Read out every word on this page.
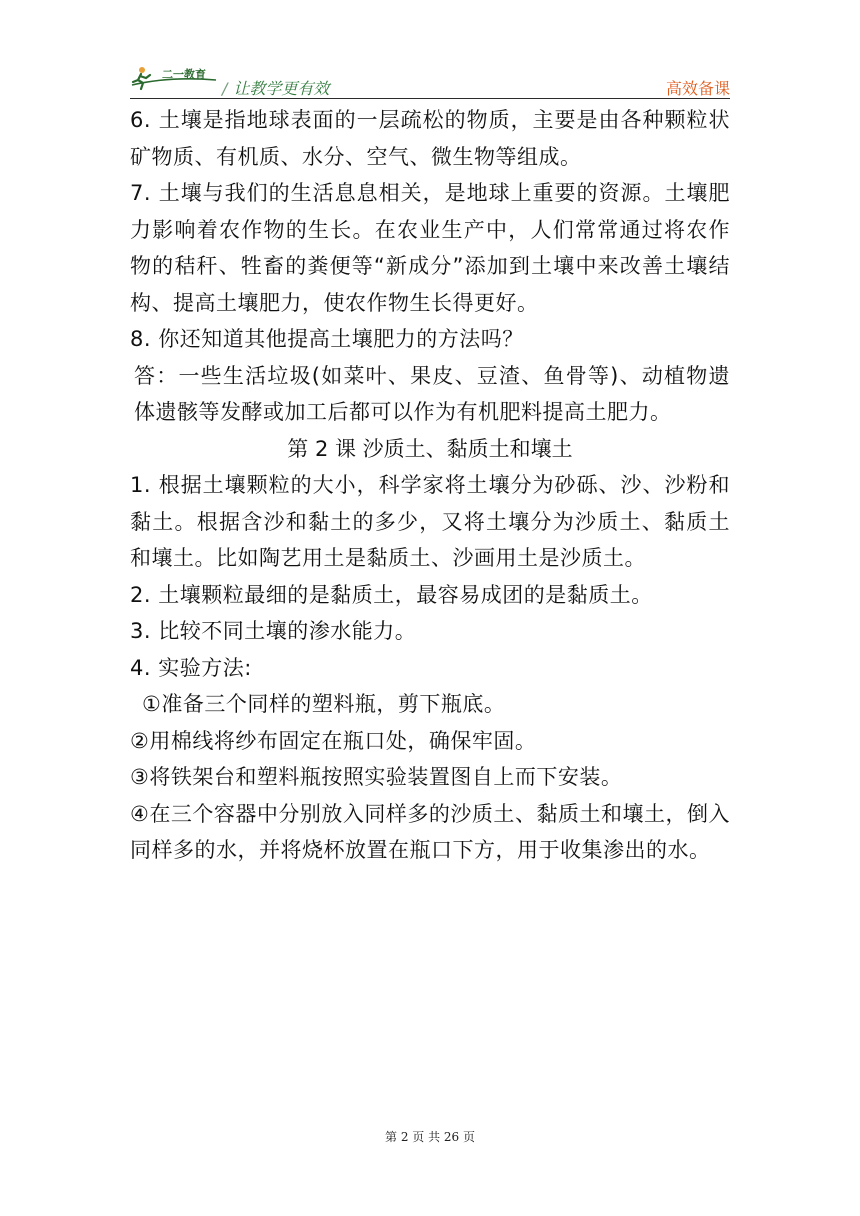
二一教育
/ 让教学更有效	高效备课

6. 土壤是指地球表面的一层疏松的物质，主要是由各种颗粒状矿物质、有机质、水分、空气、微生物等组成。

7. 土壤与我们的生活息息相关，是地球上重要的资源。土壤肥力影响着农作物的生长。在农业生产中，人们常常通过将农作物的秸秆、牲畜的粪便等“新成分”添加到土壤中来改善土壤结构、提高土壤肥力，使农作物生长得更好。

8. 你还知道其他提高土壤肥力的方法吗？

答：一些生活垃圾(如菜叶、果皮、豆渣、鱼骨等)、动植物遗体遗骸等发酵或加工后都可以作为有机肥料提高土肥力。

第 2 课 沙质土、黏质土和壤土

1. 根据土壤颗粒的大小，科学家将土壤分为砂砾、沙、沙粉和黏土。根据含沙和黏土的多少，又将土壤分为沙质土、黏质土和壤土。比如陶艺用土是黏质土、沙画用土是沙质土。

2. 土壤颗粒最细的是黏质土，最容易成团的是黏质土。

3. 比较不同土壤的渗水能力。

4. 实验方法:

①准备三个同样的塑料瓶，剪下瓶底。

②用棉线将纱布固定在瓶口处，确保牢固。

③将铁架台和塑料瓶按照实验装置图自上而下安装。

④在三个容器中分别放入同样多的沙质土、黏质土和壤土，倒入同样多的水，并将烧杯放置在瓶口下方，用于收集渗出的水。

第 2 页 共 26 页
